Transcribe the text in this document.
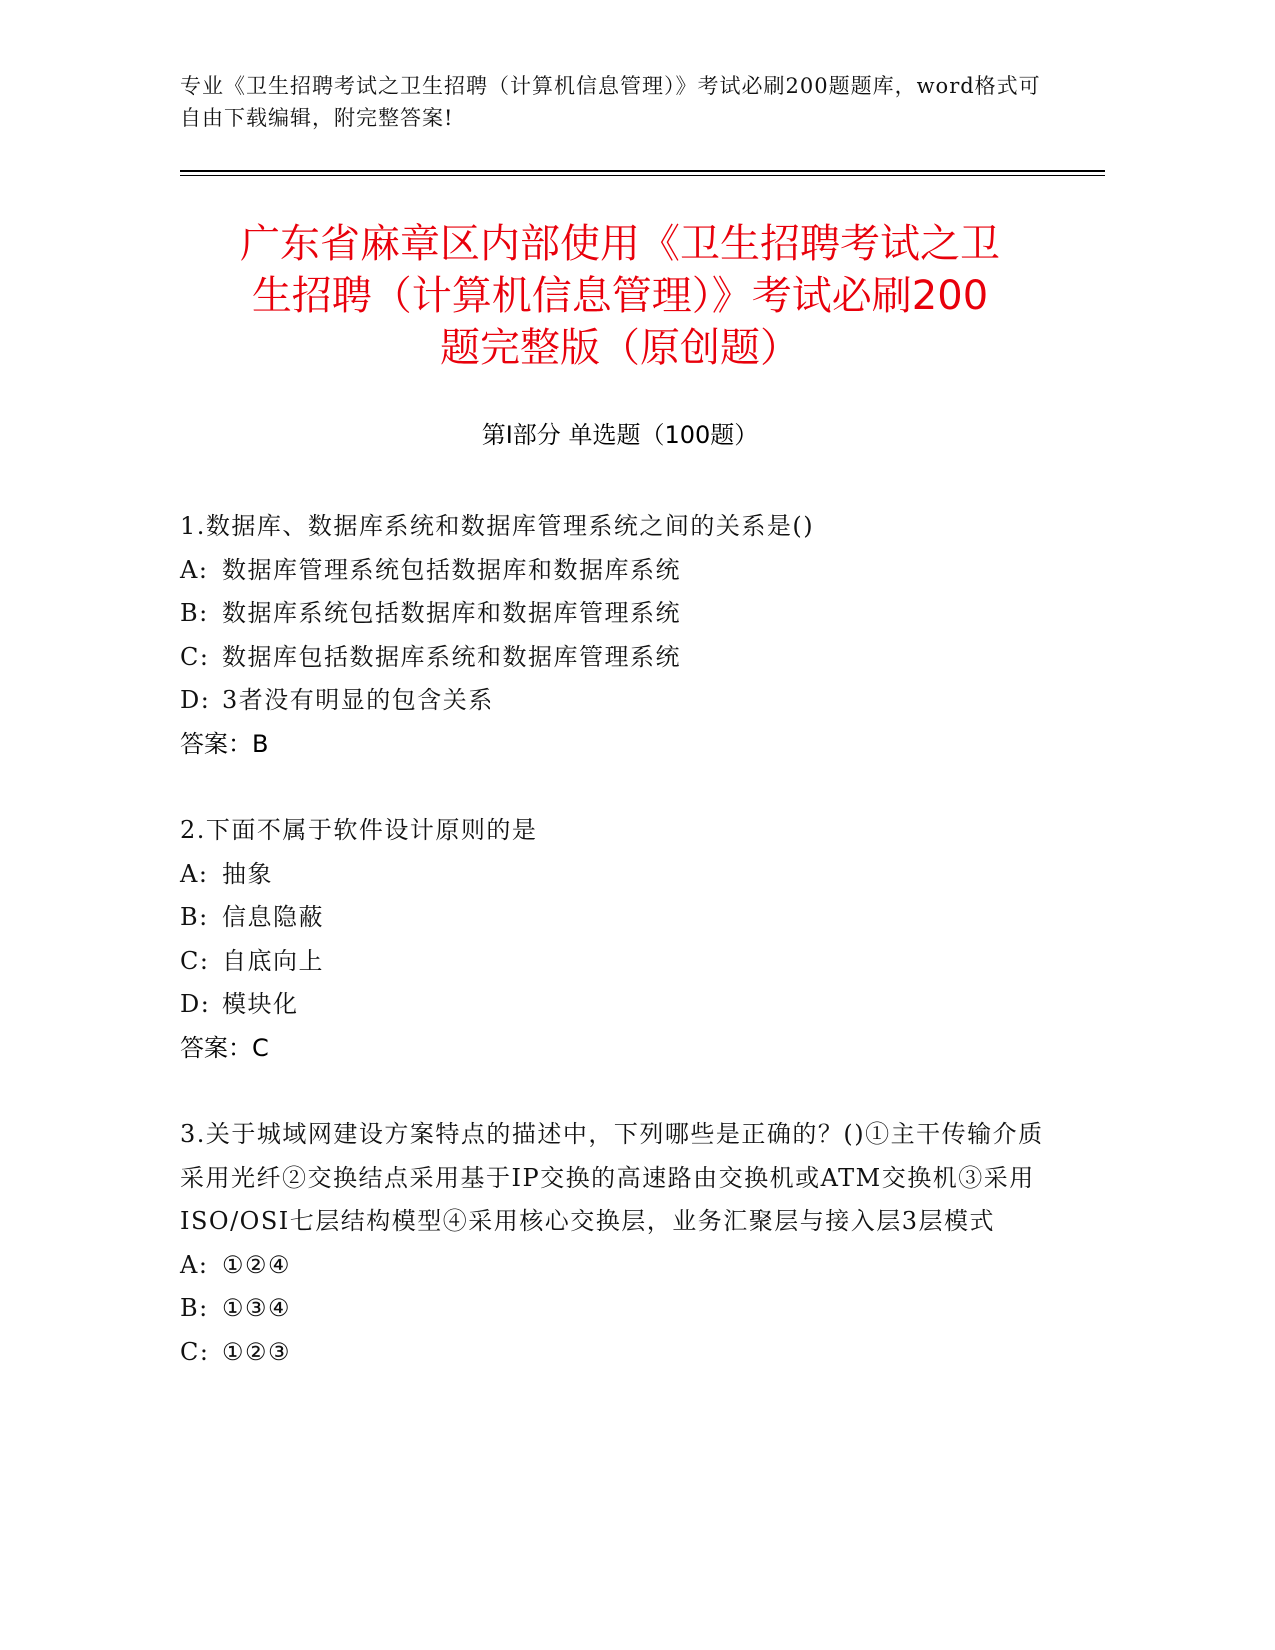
专业《卫生招聘考试之卫生招聘（计算机信息管理）》考试必刷200题题库，word格式可自由下载编辑，附完整答案!
广东省麻章区内部使用《卫生招聘考试之卫
生招聘（计算机信息管理）》考试必刷200
题完整版（原创题）
第Ⅰ部分 单选题（100题）
1.数据库、数据库系统和数据库管理系统之间的关系是()
A: 数据库管理系统包括数据库和数据库系统
B: 数据库系统包括数据库和数据库管理系统
C: 数据库包括数据库系统和数据库管理系统
D: 3者没有明显的包含关系
答案：B
2.下面不属于软件设计原则的是
A: 抽象
B: 信息隐蔽
C: 自底向上
D: 模块化
答案：C
3.关于城域网建设方案特点的描述中，下列哪些是正确的？()①主干传输介质采用光纤②交换结点采用基于IP交换的高速路由交换机或ATM交换机③采用ISO/OSI七层结构模型④采用核心交换层，业务汇聚层与接入层3层模式
A: ①②④
B: ①③④
C: ①②③
